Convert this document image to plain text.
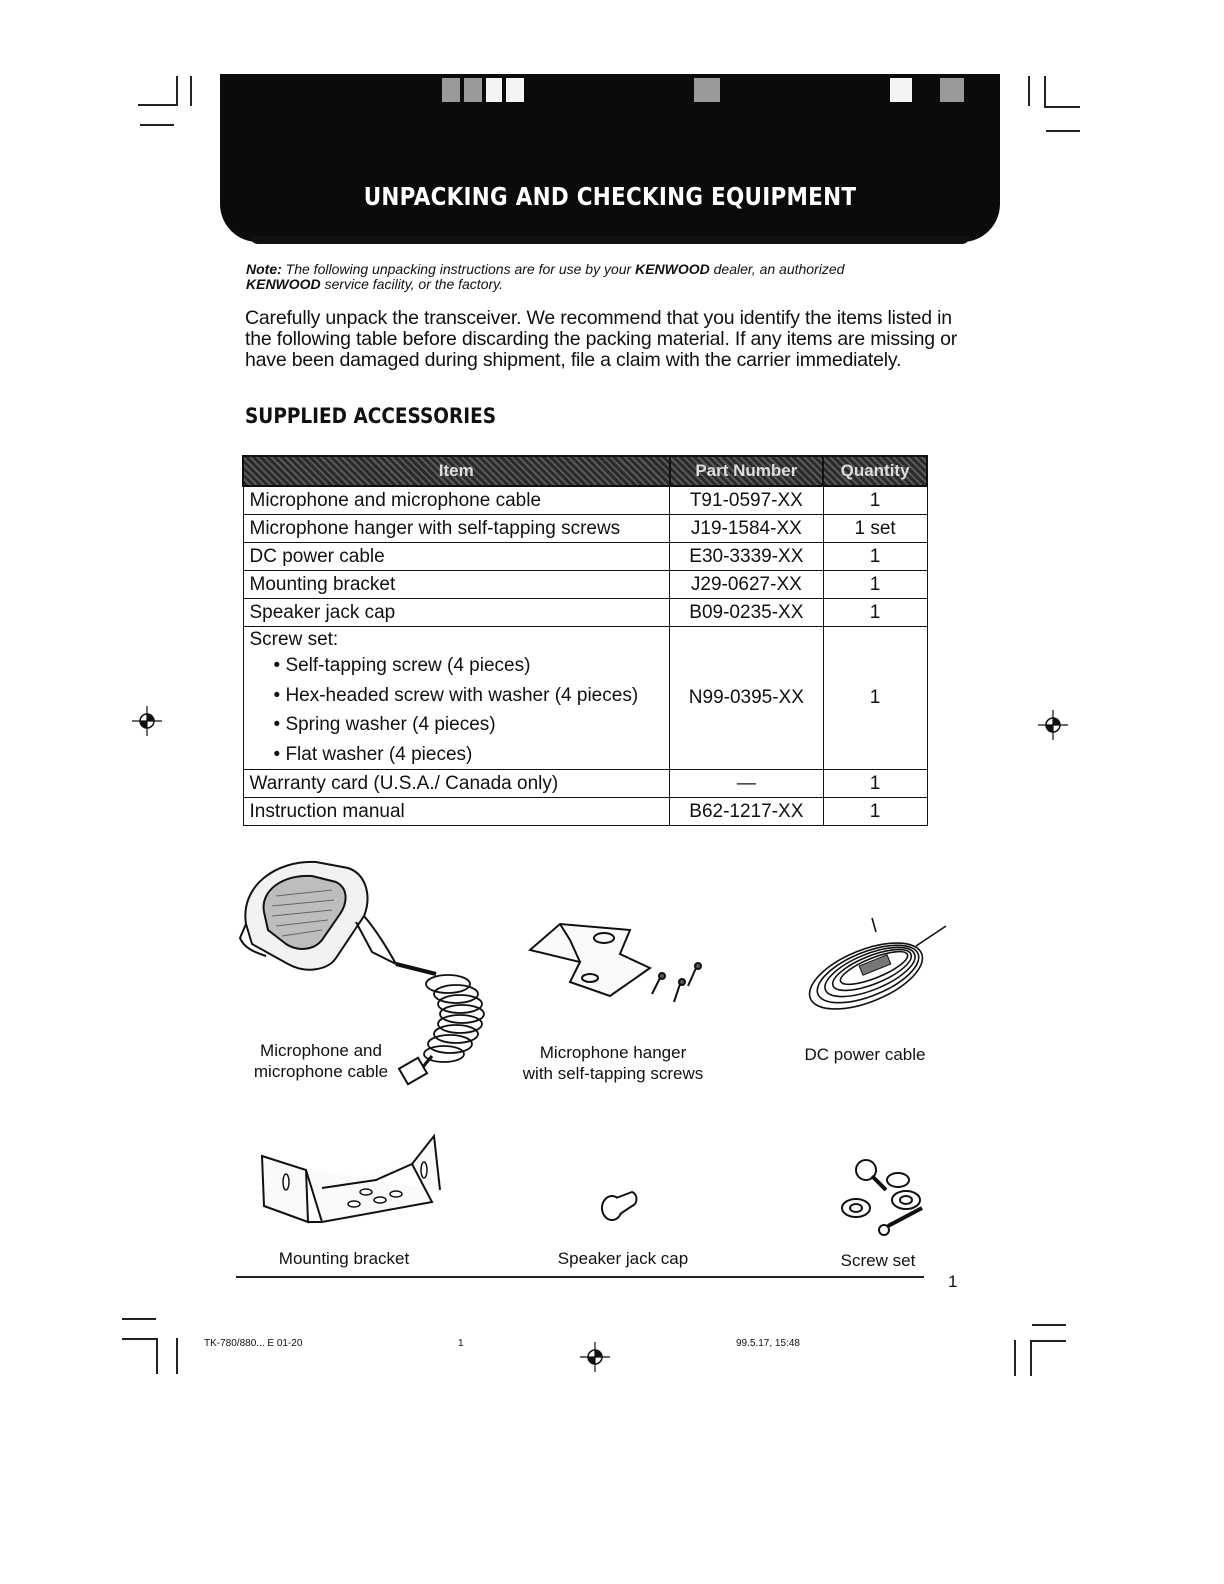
UNPACKING AND CHECKING EQUIPMENT
Note: The following unpacking instructions are for use by your KENWOOD dealer, an authorized
KENWOOD service facility, or the factory.
Carefully unpack the transceiver. We recommend that you identify the items listed in the following table before discarding the packing material. If any items are missing or have been damaged during shipment, file a claim with the carrier immediately.
SUPPLIED ACCESSORIES
Item	Part Number	Quantity
Microphone and microphone cable	T91-0597-XX	1
Microphone hanger with self-tapping screws	J19-1584-XX	1 set
DC power cable	E30-3339-XX	1
Mounting bracket	J29-0627-XX	1
Speaker jack cap	B09-0235-XX	1
Screw set:
• Self-tapping screw (4 pieces)
• Hex-headed screw with washer (4 pieces)
• Spring washer (4 pieces)
• Flat washer (4 pieces)	N99-0395-XX	1
Warranty card (U.S.A./ Canada only)	—	1
Instruction manual	B62-1217-XX	1
Microphone and
microphone cable
Microphone hanger
with self-tapping screws
DC power cable
Mounting bracket	Speaker jack cap	Screw set
1
TK-780/880... E 01-20	1	99.5.17, 15:48
